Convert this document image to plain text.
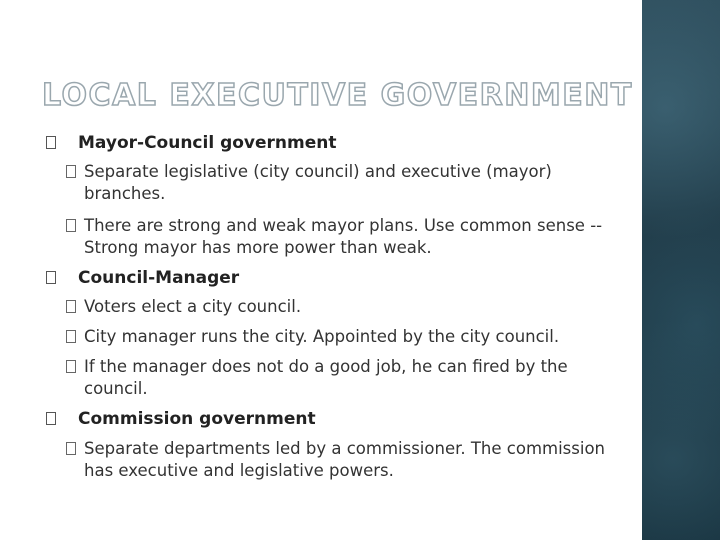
LOCAL EXECUTIVE GOVERNMENT
Mayor-Council government
Separate legislative (city council) and executive (mayor)
branches.
There are strong and weak mayor plans. Use common sense --
Strong mayor has more power than weak.
Council-Manager
Voters elect a city council.
City manager runs the city. Appointed by the city council.
If the manager does not do a good job, he can fired by the
council.
Commission government
Separate departments led by a commissioner. The commission
has executive and legislative powers.
